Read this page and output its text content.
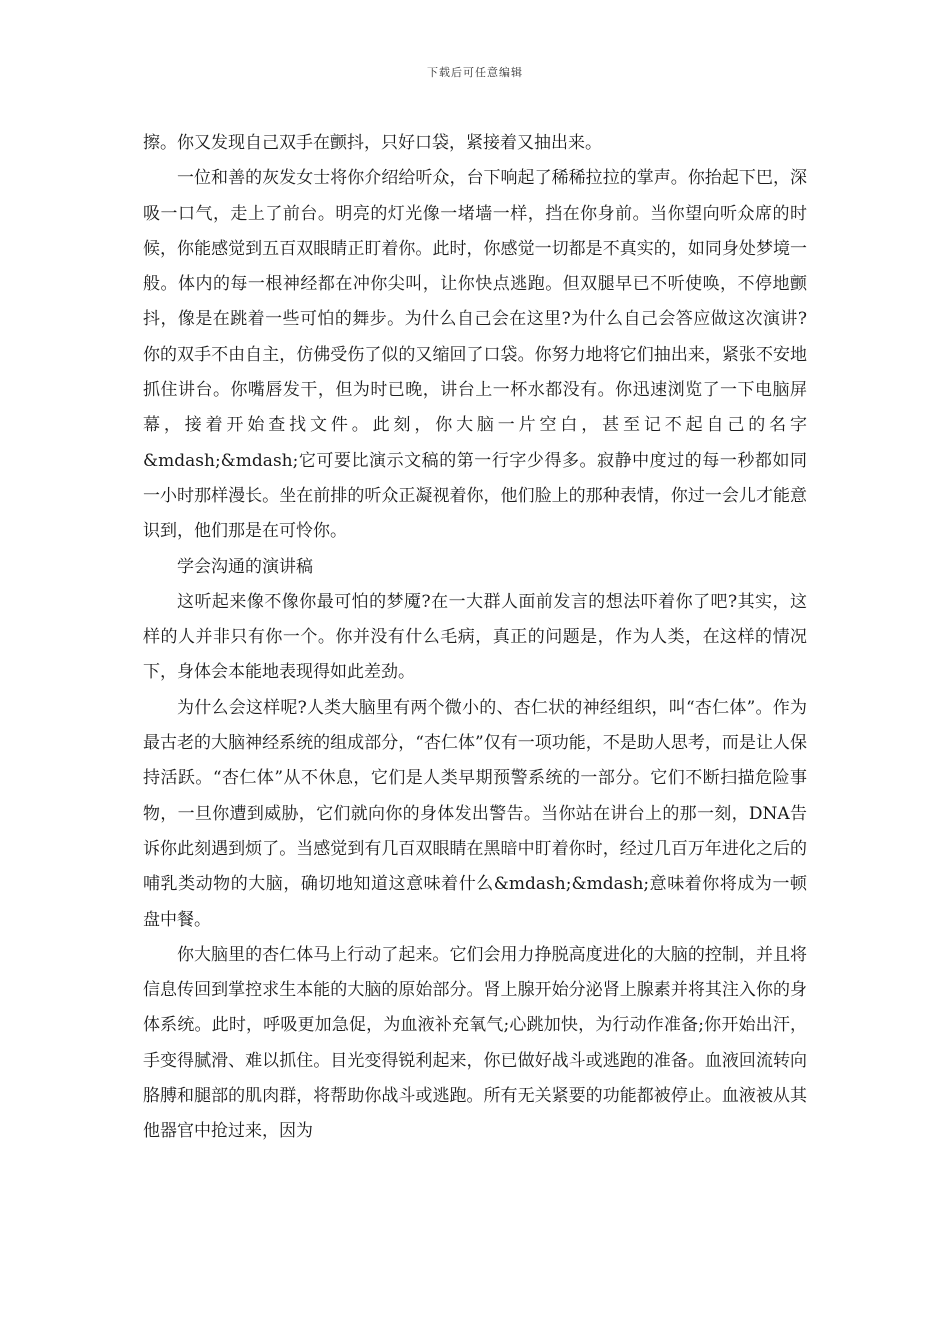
下载后可任意编辑

擦。你又发现自己双手在颤抖，只好口袋，紧接着又抽出来。

一位和善的灰发女士将你介绍给听众，台下响起了稀稀拉拉的掌声。你抬起下巴，深吸一口气，走上了前台。明亮的灯光像一堵墙一样，挡在你身前。当你望向听众席的时候，你能感觉到五百双眼睛正盯着你。此时，你感觉一切都是不真实的，如同身处梦境一般。体内的每一根神经都在冲你尖叫，让你快点逃跑。但双腿早已不听使唤，不停地颤抖，像是在跳着一些可怕的舞步。为什么自己会在这里?为什么自己会答应做这次演讲?你的双手不由自主，仿佛受伤了似的又缩回了口袋。你努力地将它们抽出来，紧张不安地抓住讲台。你嘴唇发干，但为时已晚，讲台上一杯水都没有。你迅速浏览了一下电脑屏幕，接着开始查找文件。此刻，你大脑一片空白，甚至记不起自己的名字&mdash;&mdash;它可要比演示文稿的第一行字少得多。寂静中度过的每一秒都如同一小时那样漫长。坐在前排的听众正凝视着你，他们脸上的那种表情，你过一会儿才能意识到，他们那是在可怜你。

学会沟通的演讲稿

这听起来像不像你最可怕的梦魇?在一大群人面前发言的想法吓着你了吧?其实，这样的人并非只有你一个。你并没有什么毛病，真正的问题是，作为人类，在这样的情况下，身体会本能地表现得如此差劲。

为什么会这样呢?人类大脑里有两个微小的、杏仁状的神经组织，叫“杏仁体”。作为最古老的大脑神经系统的组成部分，“杏仁体”仅有一项功能，不是助人思考，而是让人保持活跃。“杏仁体”从不休息，它们是人类早期预警系统的一部分。它们不断扫描危险事物，一旦你遭到威胁，它们就向你的身体发出警告。当你站在讲台上的那一刻，DNA告诉你此刻遇到烦了。当感觉到有几百双眼睛在黑暗中盯着你时，经过几百万年进化之后的哺乳类动物的大脑，确切地知道这意味着什么&mdash;&mdash;意味着你将成为一顿盘中餐。

你大脑里的杏仁体马上行动了起来。它们会用力挣脱高度进化的大脑的控制，并且将信息传回到掌控求生本能的大脑的原始部分。肾上腺开始分泌肾上腺素并将其注入你的身体系统。此时，呼吸更加急促，为血液补充氧气;心跳加快，为行动作准备;你开始出汗，手变得腻滑、难以抓住。目光变得锐利起来，你已做好战斗或逃跑的准备。血液回流转向胳膊和腿部的肌肉群，将帮助你战斗或逃跑。所有无关紧要的功能都被停止。血液被从其他器官中抢过来，因为
